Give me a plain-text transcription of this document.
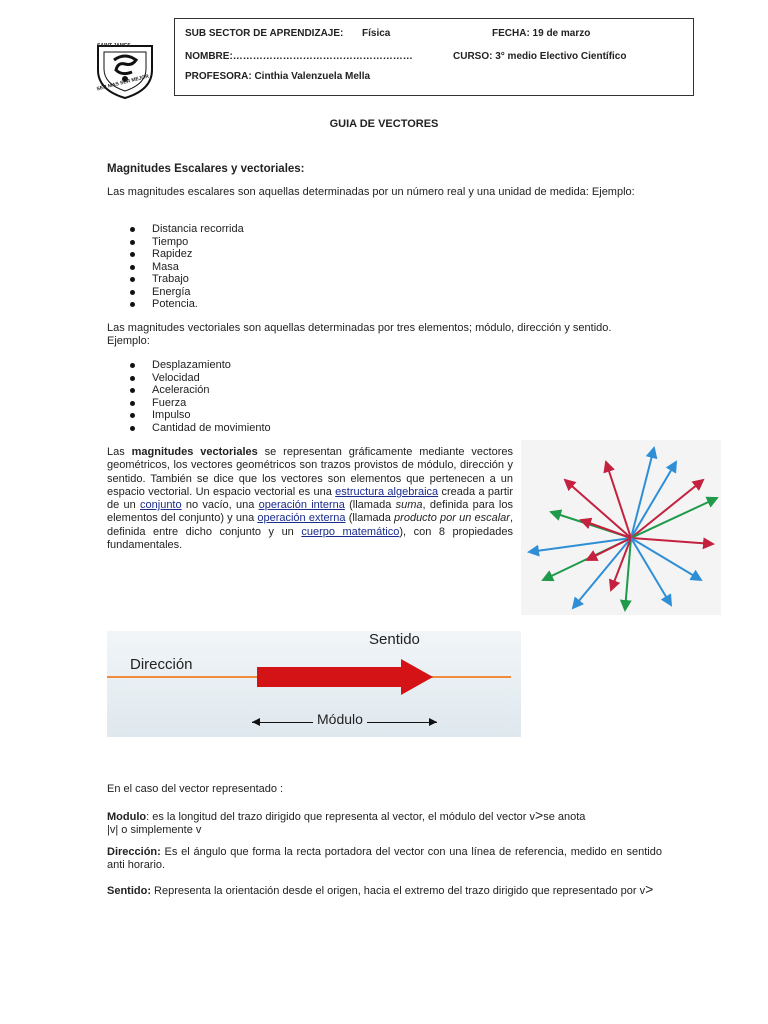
SUB SECTOR DE APRENDIZAJE: Física	FECHA: 19 de marzo
NOMBRE:………………………………………………	CURSO: 3° medio Electivo Científico
PROFESORA: Cinthia Valenzuela Mella
SAINT JAMES
SER MAS SER MEJOR
GUIA DE VECTORES
Magnitudes Escalares y vectoriales:
Las magnitudes escalares son aquellas determinadas por un número real y una unidad de medida: Ejemplo:
Distancia recorrida
Tiempo
Rapidez
Masa
Trabajo
Energía
Potencia.
Las magnitudes vectoriales son aquellas determinadas por tres elementos; módulo, dirección y sentido. Ejemplo:
Desplazamiento
Velocidad
Aceleración
Fuerza
Impulso
Cantidad de movimiento
Las magnitudes vectoriales se representan gráficamente mediante vectores geométricos, los vectores geométricos son trazos provistos de módulo, dirección y sentido. También se dice que los vectores son elementos que pertenecen a un espacio vectorial. Un espacio vectorial es una estructura algebraica creada a partir de un conjunto no vacío, una operación interna (llamada suma, definida para los elementos del conjunto) y una operación externa (llamada producto por un escalar, definida entre dicho conjunto y un cuerpo matemático), con 8 propiedades fundamentales.
Dirección
Sentido
Módulo
En el caso del vector representado :
Modulo: es la longitud del trazo dirigido que representa al vector, el módulo del vector v>se anota
|v| o simplemente v
Dirección: Es el ángulo que forma la recta portadora del vector con una línea de referencia, medido en sentido anti horario.
Sentido: Representa la orientación desde el origen, hacia el extremo del trazo dirigido que representado por v>
